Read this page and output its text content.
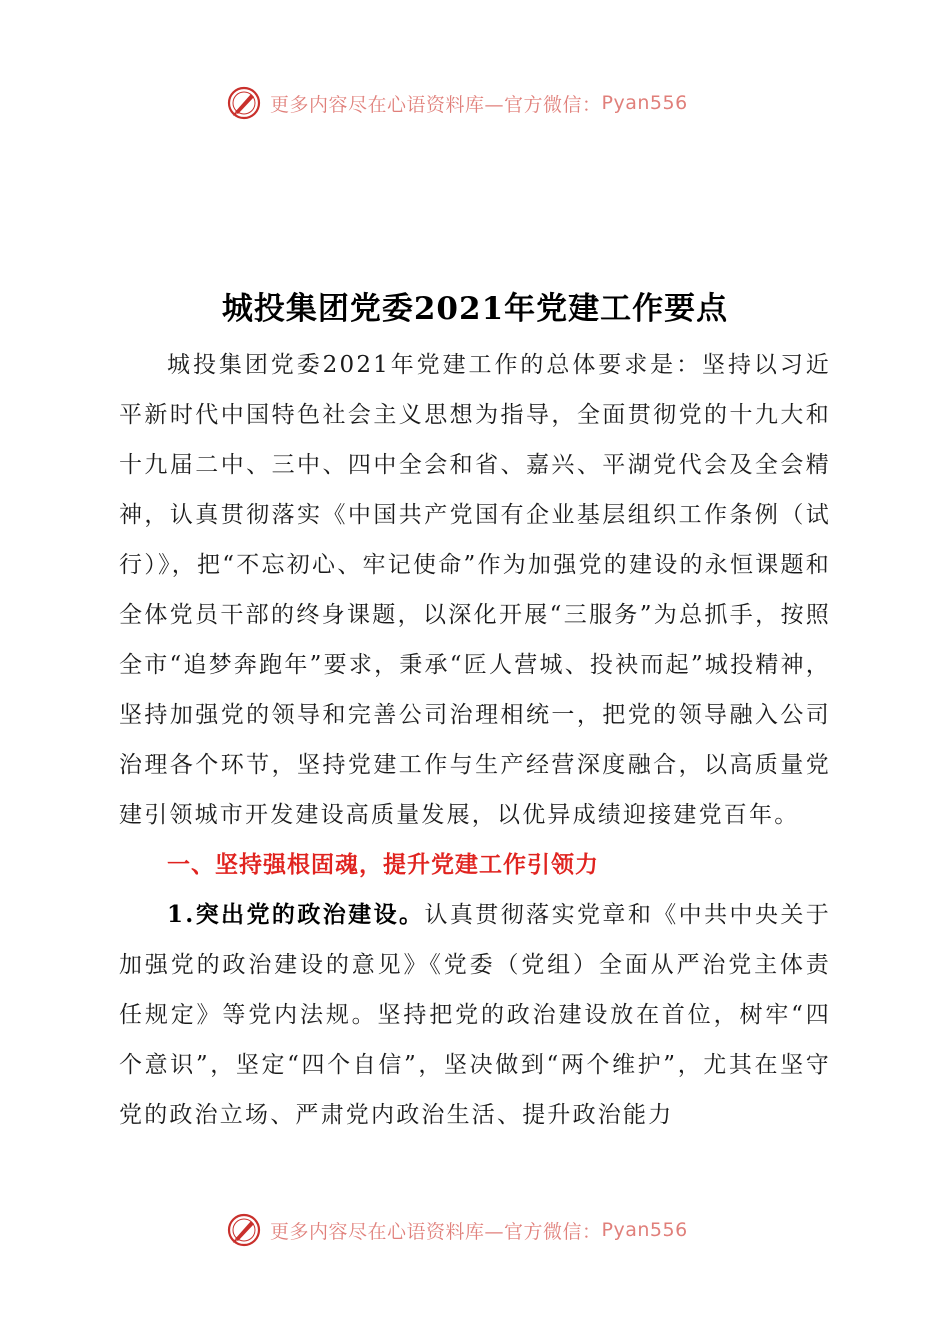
更多内容尽在心语资料库—官方微信： Pyan556
城投集团党委2021年党建工作要点

城投集团党委2021年党建工作的总体要求是：坚持以习近平新时代中国特色社会主义思想为指导，全面贯彻党的十九大和十九届二中、三中、四中全会和省、嘉兴、平湖党代会及全会精神，认真贯彻落实《中国共产党国有企业基层组织工作条例（试行）》，把“不忘初心、牢记使命”作为加强党的建设的永恒课题和全体党员干部的终身课题，以深化开展“三服务”为总抓手，按照全市“追梦奔跑年”要求，秉承“匠人营城、投袂而起”城投精神，坚持加强党的领导和完善公司治理相统一，把党的领导融入公司治理各个环节，坚持党建工作与生产经营深度融合，以高质量党建引领城市开发建设高质量发展，以优异成绩迎接建党百年。

一、坚持强根固魂，提升党建工作引领力

1.突出党的政治建设。认真贯彻落实党章和《中共中央关于加强党的政治建设的意见》《党委（党组）全面从严治党主体责任规定》等党内法规。坚持把党的政治建设放在首位，树牢“四个意识”，坚定“四个自信”，坚决做到“两个维护”，尤其在坚守党的政治立场、严肃党内政治生活、提升政治能力

更多内容尽在心语资料库—官方微信： Pyan556
